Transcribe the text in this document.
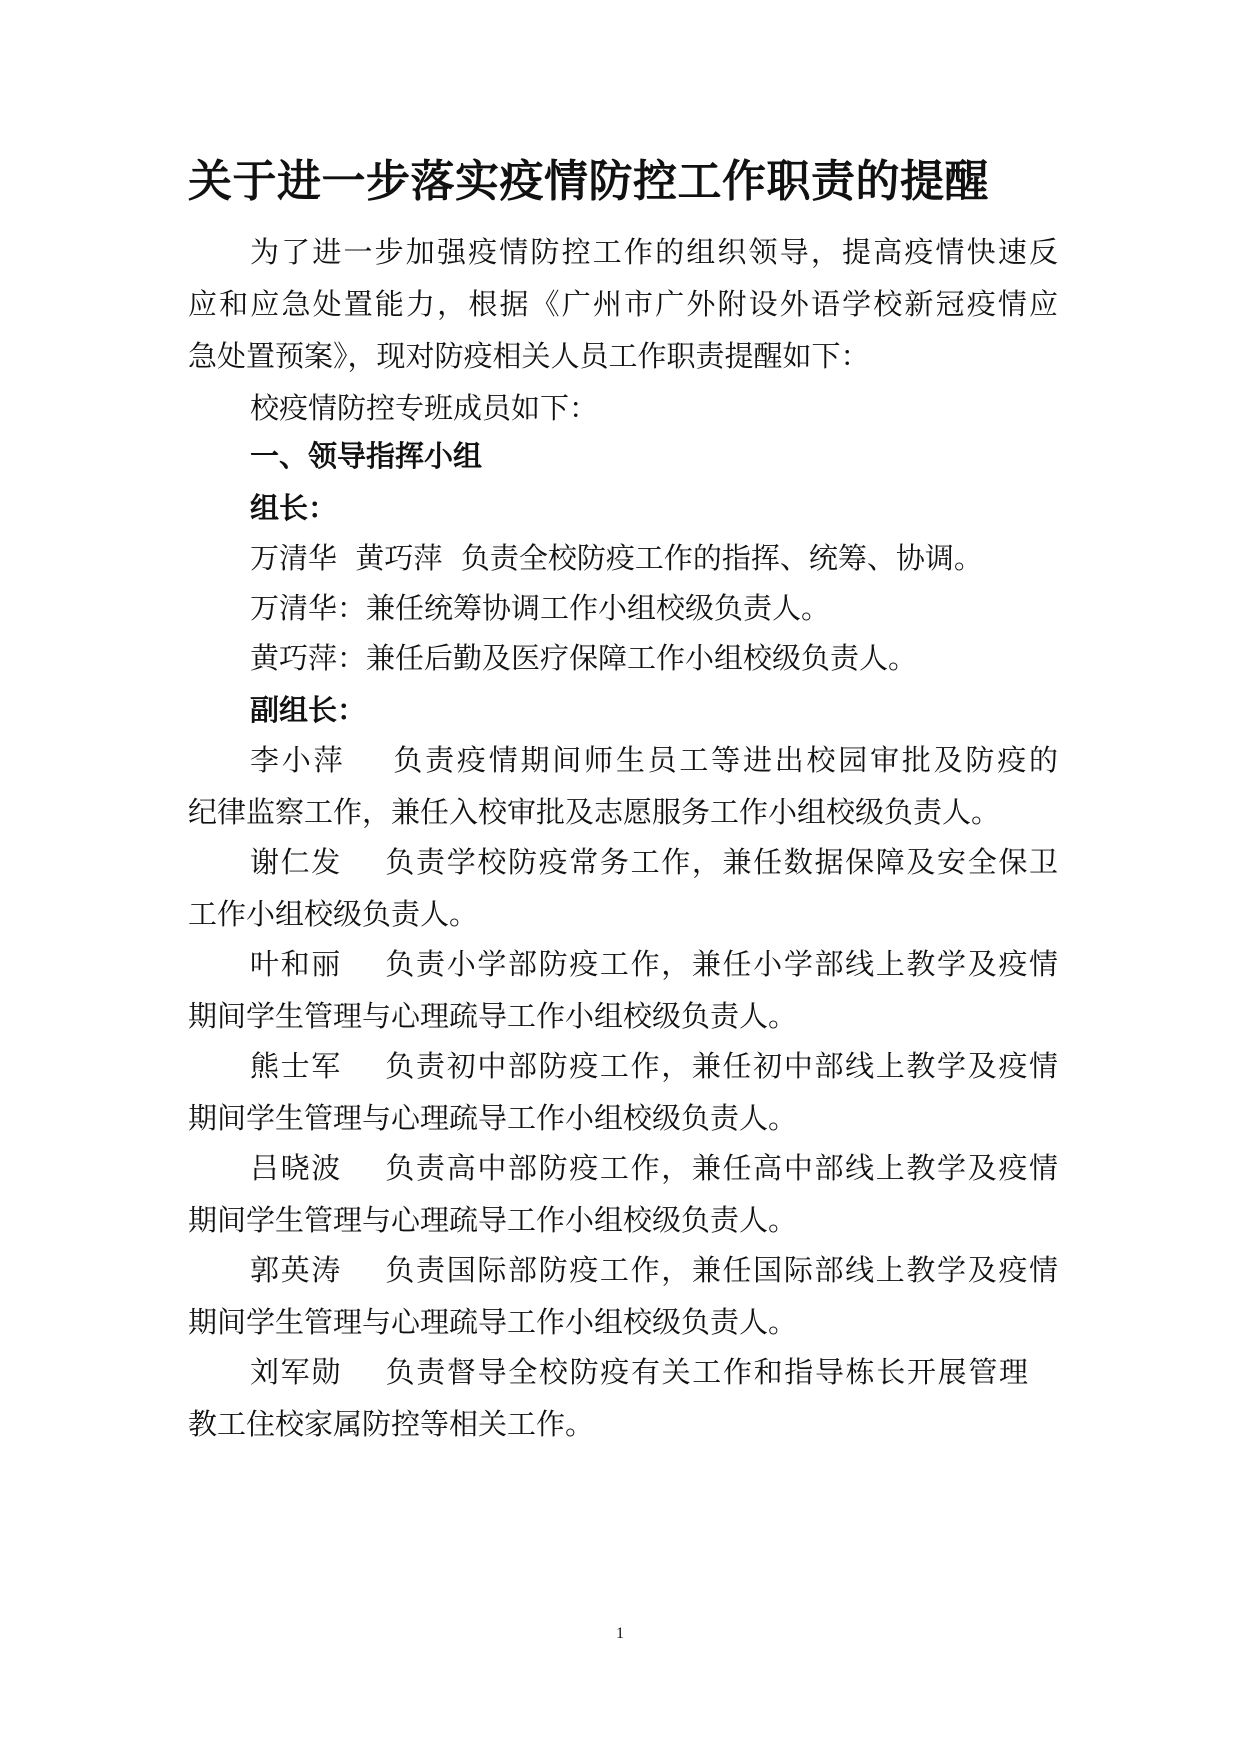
关于进一步落实疫情防控工作职责的提醒
为了进一步加强疫情防控工作的组织领导，提高疫情快速反
应和应急处置能力，根据《广州市广外附设外语学校新冠疫情应
急处置预案》，现对防疫相关人员工作职责提醒如下：
校疫情防控专班成员如下：
一、领导指挥小组
组长：
万清华  黄巧萍  负责全校防疫工作的指挥、统筹、协调。
万清华：兼任统筹协调工作小组校级负责人。
黄巧萍：兼任后勤及医疗保障工作小组校级负责人。
副组长：
李小萍    负责疫情期间师生员工等进出校园审批及防疫的
纪律监察工作，兼任入校审批及志愿服务工作小组校级负责人。
谢仁发    负责学校防疫常务工作，兼任数据保障及安全保卫
工作小组校级负责人。
叶和丽    负责小学部防疫工作，兼任小学部线上教学及疫情
期间学生管理与心理疏导工作小组校级负责人。
熊士军    负责初中部防疫工作，兼任初中部线上教学及疫情
期间学生管理与心理疏导工作小组校级负责人。
吕晓波    负责高中部防疫工作，兼任高中部线上教学及疫情
期间学生管理与心理疏导工作小组校级负责人。
郭英涛    负责国际部防疫工作，兼任国际部线上教学及疫情
期间学生管理与心理疏导工作小组校级负责人。
刘军勋    负责督导全校防疫有关工作和指导栋长开展管理
教工住校家属防控等相关工作。
1
